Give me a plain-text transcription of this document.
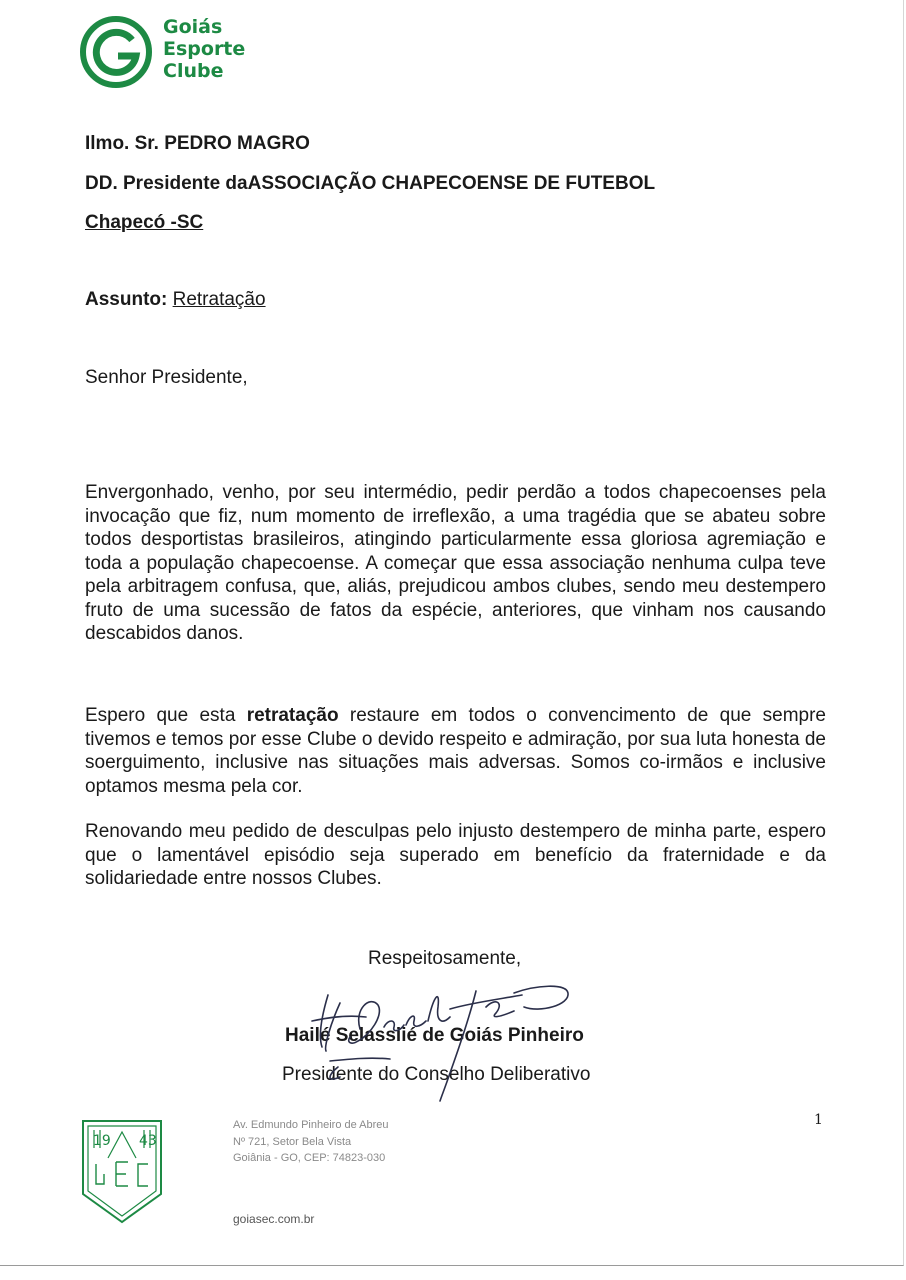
Goiás
Esporte
Clube
Ilmo. Sr. PEDRO MAGRO
DD. Presidente daASSOCIAÇÃO CHAPECOENSE DE FUTEBOL
Chapecó -SC
Assunto: Retratação
Senhor Presidente,

Envergonhado, venho, por seu intermédio, pedir perdão a todos chapecoenses pela invocação que fiz, num momento de irreflexão, a uma tragédia que se abateu sobre todos desportistas brasileiros, atingindo particularmente essa gloriosa agremiação e toda a população chapecoense. A começar que essa associação nenhuma culpa teve pela arbitragem confusa, que, aliás, prejudicou ambos clubes, sendo meu destempero fruto de uma sucessão de fatos da espécie, anteriores, que vinham nos causando descabidos danos.

Espero que esta retratação restaure em todos o convencimento de que sempre tivemos e temos por esse Clube o devido respeito e admiração, por sua luta honesta de soerguimento, inclusive nas situações mais adversas. Somos co-irmãos e inclusive optamos mesma pela cor.

Renovando meu pedido de desculpas pelo injusto destempero de minha parte, espero que o lamentável episódio seja superado em benefício da fraternidade e da solidariedade entre nossos Clubes.

Respeitosamente,
Hailé Selassiié de Goiás Pinheiro
Presidente do Conselho Deliberativo
1
19 43
Av. Edmundo Pinheiro de Abreu
Nº 721, Setor Bela Vista
Goiânia - GO, CEP: 74823-030
goiasec.com.br
